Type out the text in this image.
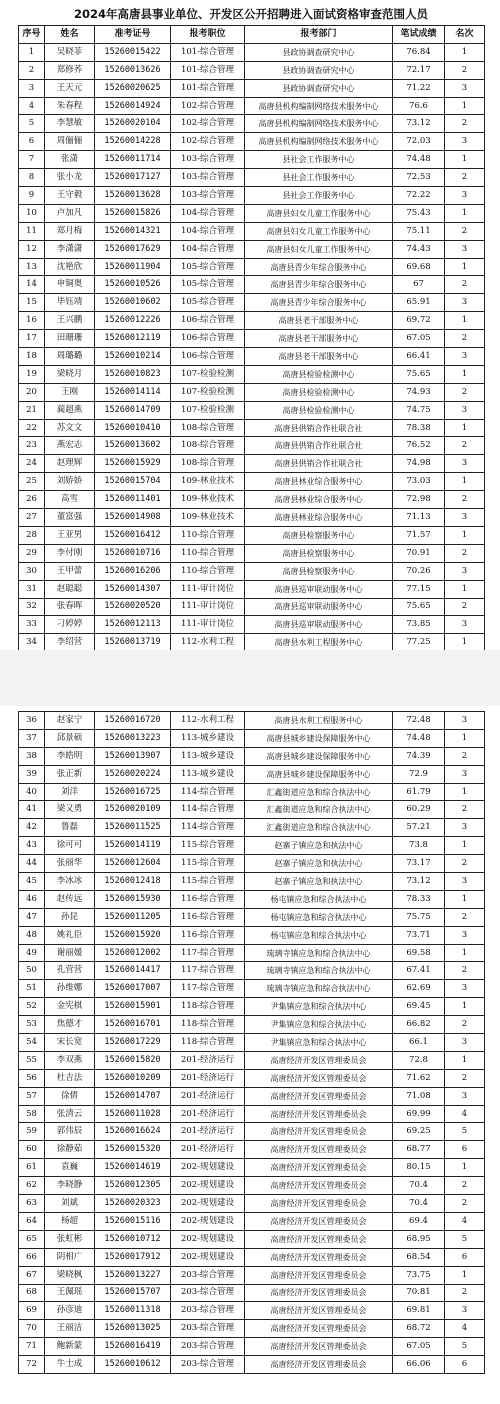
2024年高唐县事业单位、开发区公开招聘进入面试资格审查范围人员
序号	姓名	准考证号	报考职位	报考部门	笔试成绩	名次
1	吴晓菲	15260015422	101-综合管理	县政协调查研究中心	76.84	1
2	郑修荞	15260013626	101-综合管理	县政协调查研究中心	72.17	2
3	王天元	15260020625	101-综合管理	县政协调查研究中心	71.22	3
4	朱春程	15260014924	102-综合管理	高唐县机构编制网络技术服务中心	76.6	1
5	李慧敏	15260020104	102-综合管理	高唐县机构编制网络技术服务中心	73.12	2
6	周俪俪	15260014228	102-综合管理	高唐县机构编制网络技术服务中心	72.03	3
7	张潇	15260011714	103-综合管理	县社会工作服务中心	74.48	1
8	张小龙	15260017127	103-综合管理	县社会工作服务中心	72.53	2
9	王守毅	15260013628	103-综合管理	县社会工作服务中心	72.22	3
10	卢加凡	15260015826	104-综合管理	高唐县妇女儿童工作服务中心	75.43	1
11	郑月梅	15260014321	104-综合管理	高唐县妇女儿童工作服务中心	75.11	2
12	李潇潇	15260017629	104-综合管理	高唐县妇女儿童工作服务中心	74.43	3
13	沈艳欣	15260011904	105-综合管理	高唐县青少年综合服务中心	69.68	1
14	申铜奥	15260010526	105-综合管理	高唐县青少年综合服务中心	67	2
15	毕钰靖	15260010602	105-综合管理	高唐县青少年综合服务中心	65.91	3
16	王兴鹏	15260012226	106-综合管理	高唐县老干部服务中心	69.72	1
17	田珊珊	15260012119	106-综合管理	高唐县老干部服务中心	67.05	2
18	周璐璐	15260010214	106-综合管理	高唐县老干部服务中心	66.41	3
19	梁晓月	15260010823	107-检验检测	高唐县检验检测中心	75.65	1
20	王刚	15260014114	107-检验检测	高唐县检验检测中心	74.93	2
21	蔺超燕	15260014709	107-检验检测	高唐县检验检测中心	74.75	3
22	苏文文	15260010410	108-综合管理	高唐县供销合作社联合社	78.38	1
23	燕宏志	15260013602	108-综合管理	高唐县供销合作社联合社	76.52	2
24	赵理辉	15260015929	108-综合管理	高唐县供销合作社联合社	74.98	3
25	刘娇娇	15260015704	109-林业技术	高唐县林业综合服务中心	73.03	1
26	高雪	15260011401	109-林业技术	高唐县林业综合服务中心	72.98	2
27	董富强	15260014908	109-林业技术	高唐县林业综合服务中心	71.13	3
28	王亚男	15260016412	110-综合管理	高唐县检察服务中心	71.57	1
29	李付刚	15260010716	110-综合管理	高唐县检察服务中心	70.91	2
30	王甲蕾	15260016206	110-综合管理	高唐县检察服务中心	70.26	3
31	赵聪聪	15260014307	111-审计岗位	高唐县巡审联动服务中心	77.15	1
32	张春晖	15260020520	111-审计岗位	高唐县巡审联动服务中心	75.65	2
33	刁婷婷	15260012113	111-审计岗位	高唐县巡审联动服务中心	73.85	3
34	李绍营	15260013719	112-水利工程	高唐县水利工程服务中心	77.25	1

36	赵家宁	15260016720	112-水利工程	高唐县水利工程服务中心	72.48	3
37	邱景硕	15260013223	113-城乡建设	高唐县城乡建设保障服务中心	74.48	1
38	李皓明	15260013907	113-城乡建设	高唐县城乡建设保障服务中心	74.39	2
39	张正新	15260020224	113-城乡建设	高唐县城乡建设保障服务中心	72.9	3
40	刘洋	15260016725	114-综合管理	汇鑫街道应急和综合执法中心	61.79	1
41	梁又勇	15260020109	114-综合管理	汇鑫街道应急和综合执法中心	60.29	2
42	鲁磊	15260011525	114-综合管理	汇鑫街道应急和综合执法中心	57.21	3
43	徐可可	15260014119	115-综合管理	赵寨子镇应急和执法中心	73.8	1
44	张丽华	15260012604	115-综合管理	赵寨子镇应急和执法中心	73.17	2
45	李冰冰	15260012418	115-综合管理	赵寨子镇应急和执法中心	73.12	3
46	赵传远	15260015930	116-综合管理	杨屯镇应急和综合执法中心	78.33	1
47	孙昆	15260011205	116-综合管理	杨屯镇应急和综合执法中心	75.75	2
48	姚礼臣	15260015920	116-综合管理	杨屯镇应急和综合执法中心	73.71	3
49	谢丽媛	15260012002	117-综合管理	琉璃寺镇应急和综合执法中心	69.58	1
50	孔营营	15260014417	117-综合管理	琉璃寺镇应急和综合执法中心	67.41	2
51	孙维娜	15260017007	117-综合管理	琉璃寺镇应急和综合执法中心	62.69	3
52	金宪棋	15260015901	118-综合管理	尹集镇应急和综合执法中心	69.45	1
53	焦德才	15260016701	118-综合管理	尹集镇应急和综合执法中心	66.82	2
54	宋长宽	15260017229	118-综合管理	尹集镇应急和综合执法中心	66.1	3
55	李双燕	15260015820	201-经济运行	高唐经济开发区管理委员会	72.8	1
56	杜吉法	15260010209	201-经济运行	高唐经济开发区管理委员会	71.62	2
57	徐倩	15260014707	201-经济运行	高唐经济开发区管理委员会	71.08	3
58	张清云	15260011028	201-经济运行	高唐经济开发区管理委员会	69.99	4
59	郭伟辰	15260016624	201-经济运行	高唐经济开发区管理委员会	69.25	5
60	徐静茹	15260015320	201-经济运行	高唐经济开发区管理委员会	68.77	6
61	袁巍	15260014619	202-规划建设	高唐经济开发区管理委员会	80.15	1
62	李晓静	15260012305	202-规划建设	高唐经济开发区管理委员会	70.4	2
63	刘斌	15260020323	202-规划建设	高唐经济开发区管理委员会	70.4	2
64	杨超	15260015116	202-规划建设	高唐经济开发区管理委员会	69.4	4
65	张虹彬	15260010712	202-规划建设	高唐经济开发区管理委员会	68.95	5
66	阴相广	15260017912	202-规划建设	高唐经济开发区管理委员会	68.54	6
67	梁晓枫	15260013227	203-综合管理	高唐经济开发区管理委员会	73.75	1
68	王佩瑶	15260015707	203-综合管理	高唐经济开发区管理委员会	70.81	2
69	孙彦迪	15260011318	203-综合管理	高唐经济开发区管理委员会	69.81	3
70	王丽洁	15260013025	203-综合管理	高唐经济开发区管理委员会	68.72	4
71	鲍新蒙	15260016419	203-综合管理	高唐经济开发区管理委员会	67.05	5
72	牛士成	15260010612	203-综合管理	高唐经济开发区管理委员会	66.06	6
